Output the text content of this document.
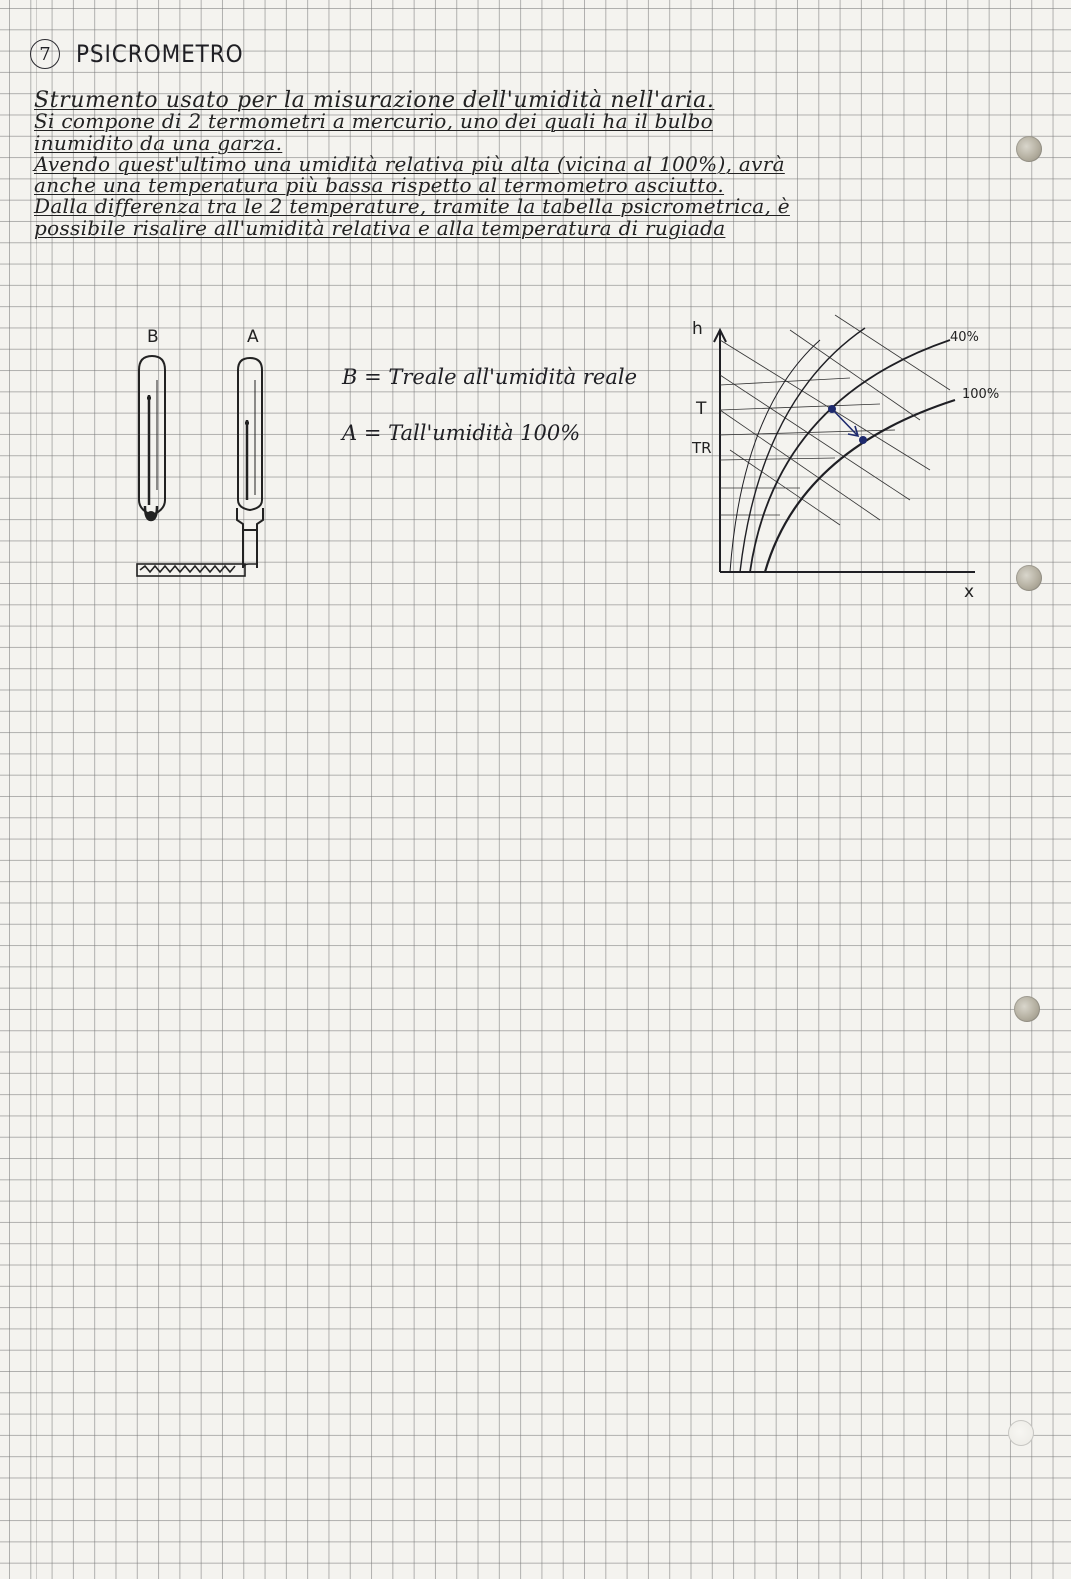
7 PSICROMETRO
Strumento usato per la misurazione dell'umidità nell'aria.
Si compone di 2 termometri a mercurio, uno dei quali ha il bulbo
inumidito da una garza.
Avendo quest'ultimo una umidità relativa più alta (vicina al 100%), avrà
anche una temperatura più bassa rispetto al termometro asciutto.
Dalla differenza tra le 2 temperature, tramite la tabella psicrometrica, è
possibile risalire all'umidità relativa e alla temperatura di rugiada
B	A
B = Treale all'umidità reale
A = Tall'umidità 100%
h
x
T
TR
40%
100%
